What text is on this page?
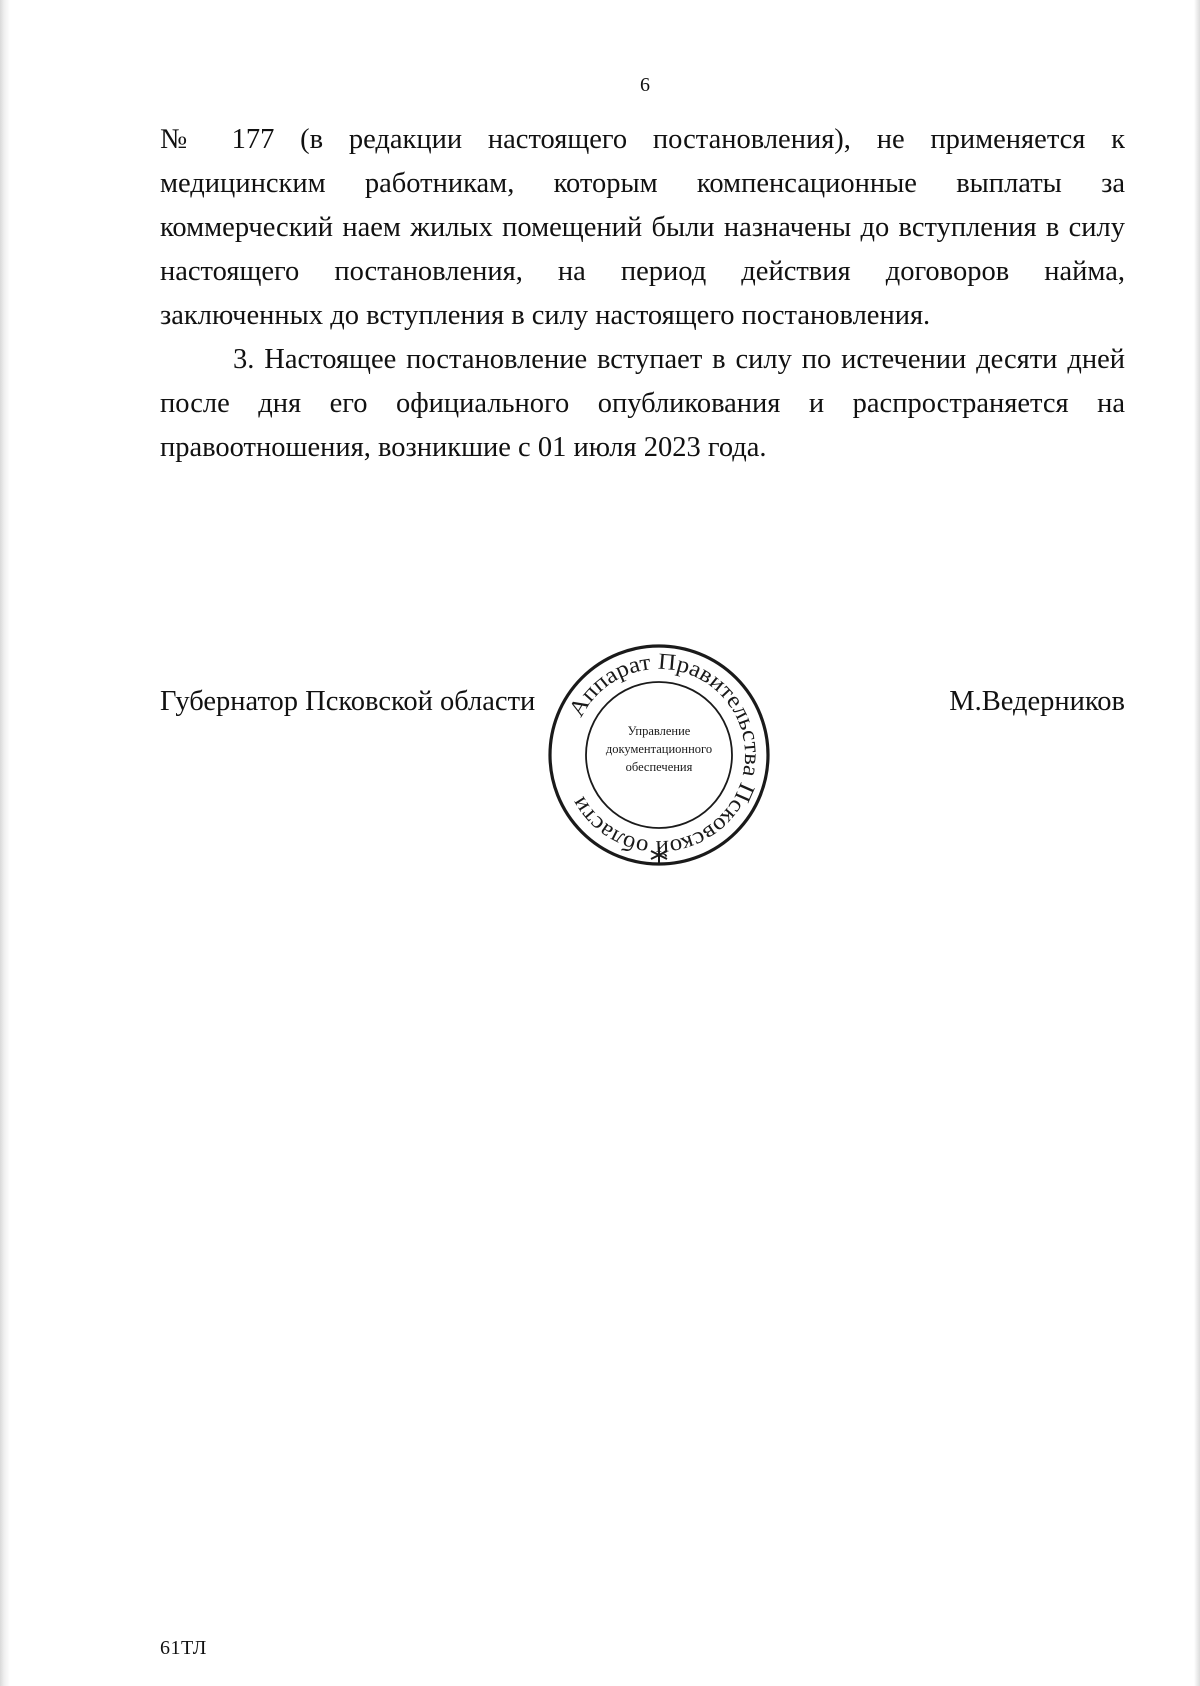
6

№ 177 (в редакции настоящего постановления), не применяется к медицинским работникам, которым компенсационные выплаты за коммерческий наем жилых помещений были назначены до вступления в силу настоящего постановления, на период действия договоров найма, заключенных до вступления в силу настоящего постановления.

3. Настоящее постановление вступает в силу по истечении десяти дней после дня его официального опубликования и распространяется на правоотношения, возникшие с 01 июля 2023 года.

Губернатор Псковской области	М.Ведерников
Аппарат Правительства Псковской области
Управление
документационного
обеспечения
61ТЛ
